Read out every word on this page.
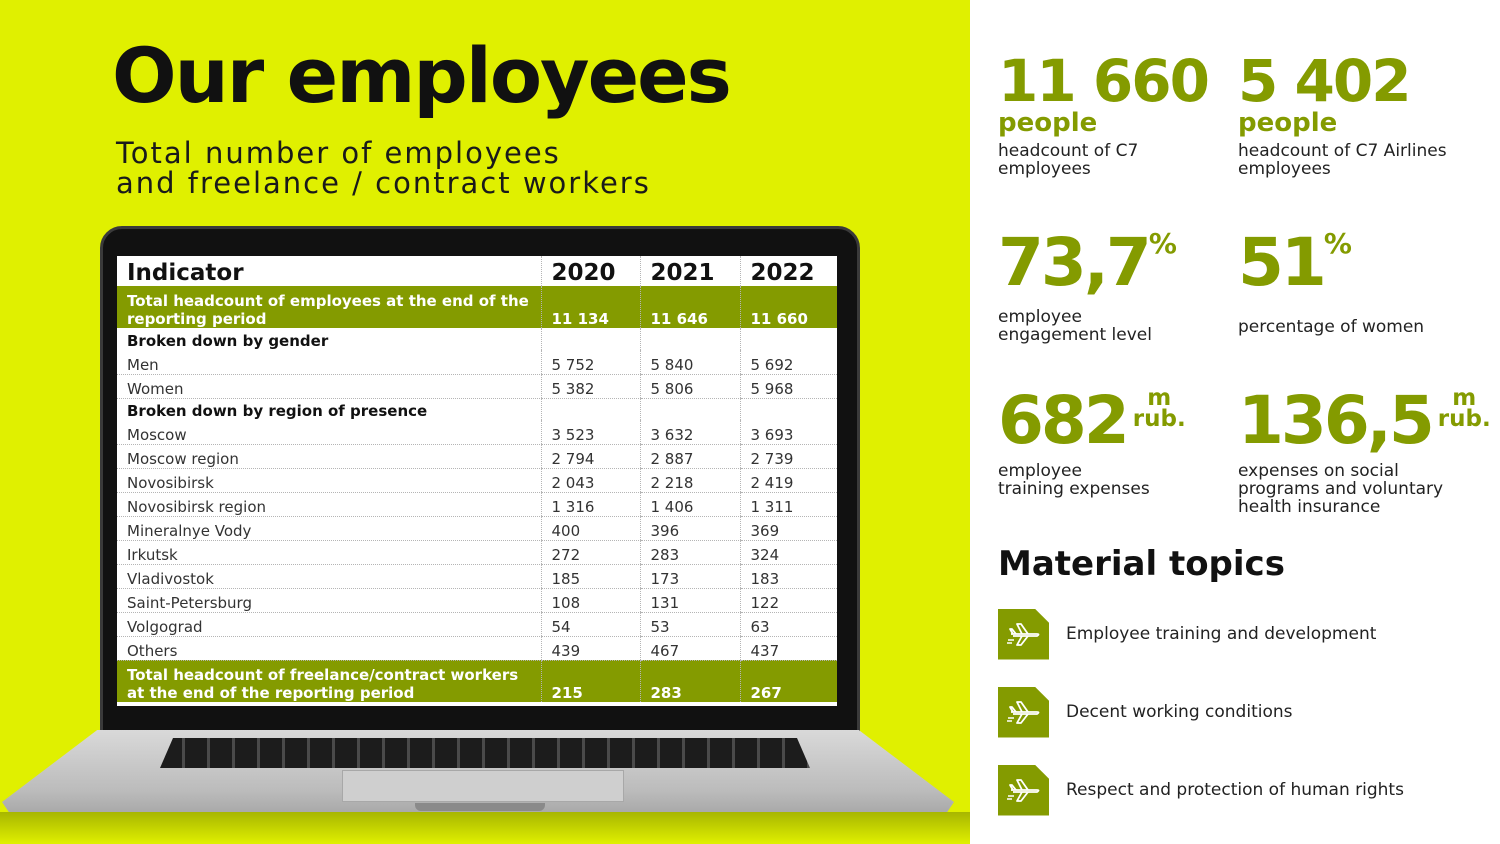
Our employees
Total number of employees
and freelance / contract workers
Indicator	2020	2021	2022
Total headcount of employees at the end of the
reporting period	11 134	11 646	11 660
Broken down by gender			
Men	5 752	5 840	5 692
Women	5 382	5 806	5 968
Broken down by region of presence			
Moscow	3 523	3 632	3 693
Moscow region	2 794	2 887	2 739
Novosibirsk	2 043	2 218	2 419
Novosibirsk region	1 316	1 406	1 311
Mineralnye Vody	400	396	369
Irkutsk	272	283	324
Vladivostok	185	173	183
Saint-Petersburg	108	131	122
Volgograd	54	53	63
Others	439	467	437
Total headcount of freelance/contract workers
at the end of the reporting period	215	283	267
11 660
people
headcount of C7
employees
5 402
people
headcount of C7 Airlines
employees
73,7%
employee
engagement level
51%
percentage of women
682 m
rub.
employee
training expenses
136,5 m
rub.
expenses on social
programs and voluntary
health insurance
Material topics
Employee training and development
Decent working conditions
Respect and protection of human rights
